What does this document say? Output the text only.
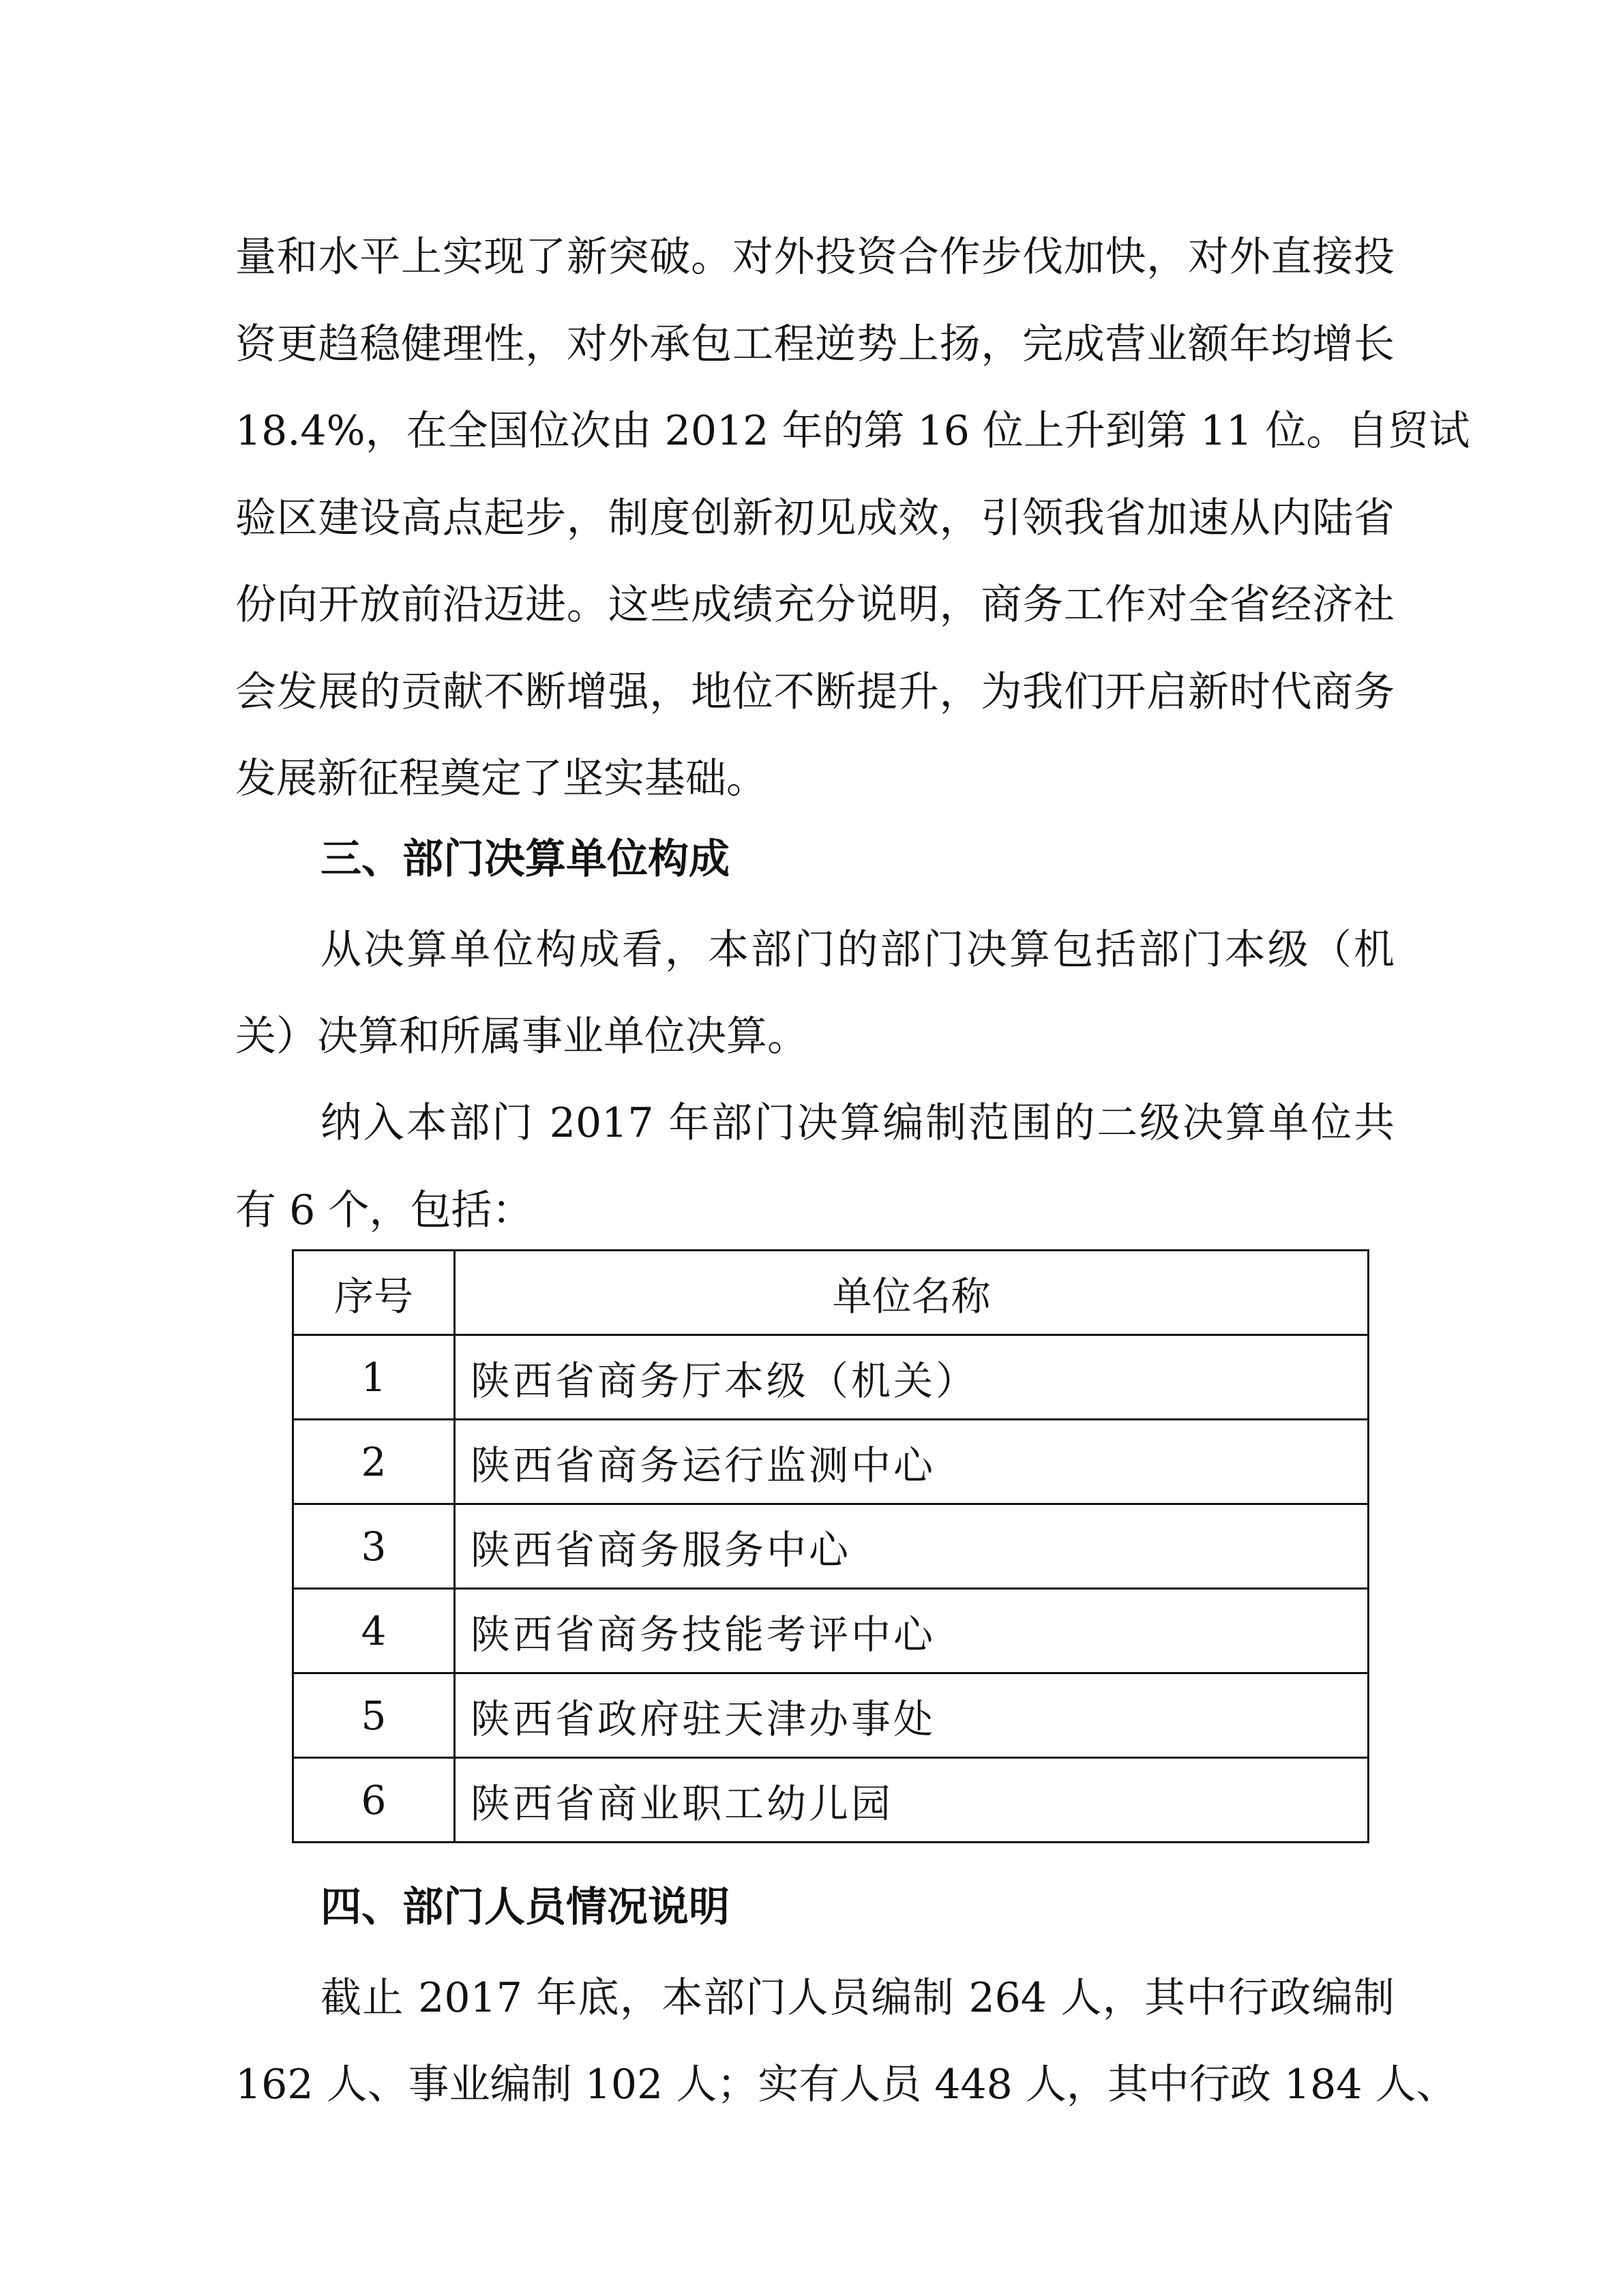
量和水平上实现了新突破。对外投资合作步伐加快，对外直接投
资更趋稳健理性，对外承包工程逆势上扬，完成营业额年均增长
18.4%，在全国位次由 2012 年的第 16 位上升到第 11 位。自贸试
验区建设高点起步，制度创新初见成效，引领我省加速从内陆省
份向开放前沿迈进。这些成绩充分说明，商务工作对全省经济社
会发展的贡献不断增强，地位不断提升，为我们开启新时代商务
发展新征程奠定了坚实基础。
三、部门决算单位构成
从决算单位构成看，本部门的部门决算包括部门本级（机
关）决算和所属事业单位决算。
纳入本部门 2017 年部门决算编制范围的二级决算单位共
有 6 个，包括：
序号	单位名称
1	陕西省商务厅本级（机关）
2	陕西省商务运行监测中心
3	陕西省商务服务中心
4	陕西省商务技能考评中心
5	陕西省政府驻天津办事处
6	陕西省商业职工幼儿园
四、部门人员情况说明
截止 2017 年底，本部门人员编制 264 人，其中行政编制
162 人、事业编制 102 人；实有人员 448 人，其中行政 184 人、
